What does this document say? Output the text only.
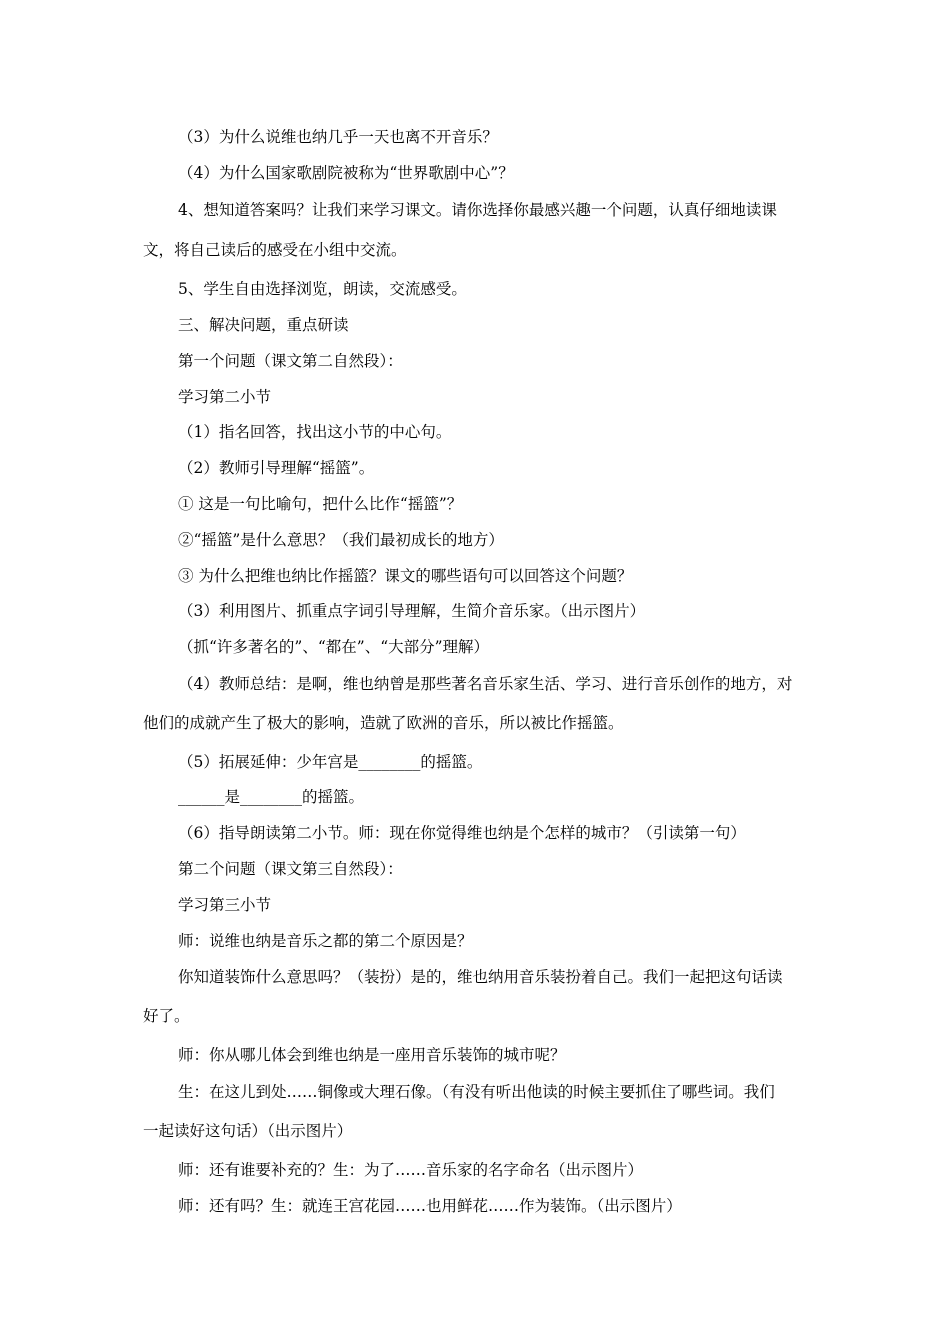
（3）为什么说维也纳几乎一天也离不开音乐？
（4）为什么国家歌剧院被称为“世界歌剧中心”？
4、想知道答案吗？让我们来学习课文。请你选择你最感兴趣一个问题，认真仔细地读课
文，将自己读后的感受在小组中交流。
5、学生自由选择浏览，朗读，交流感受。
三、解决问题，重点研读
第一个问题（课文第二自然段）：
学习第二小节
（1）指名回答，找出这小节的中心句。
（2）教师引导理解“摇篮”。
① 这是一句比喻句，把什么比作“摇篮”？
②“摇篮”是什么意思？（我们最初成长的地方）
③ 为什么把维也纳比作摇篮？课文的哪些语句可以回答这个问题？
（3）利用图片、抓重点字词引导理解，生简介音乐家。（出示图片）
（抓“许多著名的”、“都在”、“大部分”理解）
（4）教师总结：是啊，维也纳曾是那些著名音乐家生活、学习、进行音乐创作的地方，对
他们的成就产生了极大的影响，造就了欧洲的音乐，所以被比作摇篮。
（5）拓展延伸：少年宫是________的摇篮。
______是________的摇篮。
（6）指导朗读第二小节。师：现在你觉得维也纳是个怎样的城市？（引读第一句）
第二个问题（课文第三自然段）：
学习第三小节
师：说维也纳是音乐之都的第二个原因是？
你知道装饰什么意思吗？（装扮）是的，维也纳用音乐装扮着自己。我们一起把这句话读
好了。
师：你从哪儿体会到维也纳是一座用音乐装饰的城市呢？
生：在这儿到处……铜像或大理石像。（有没有听出他读的时候主要抓住了哪些词。我们
一起读好这句话）（出示图片）
师：还有谁要补充的？生：为了……音乐家的名字命名（出示图片）
师：还有吗？生：就连王宫花园……也用鲜花……作为装饰。（出示图片）
